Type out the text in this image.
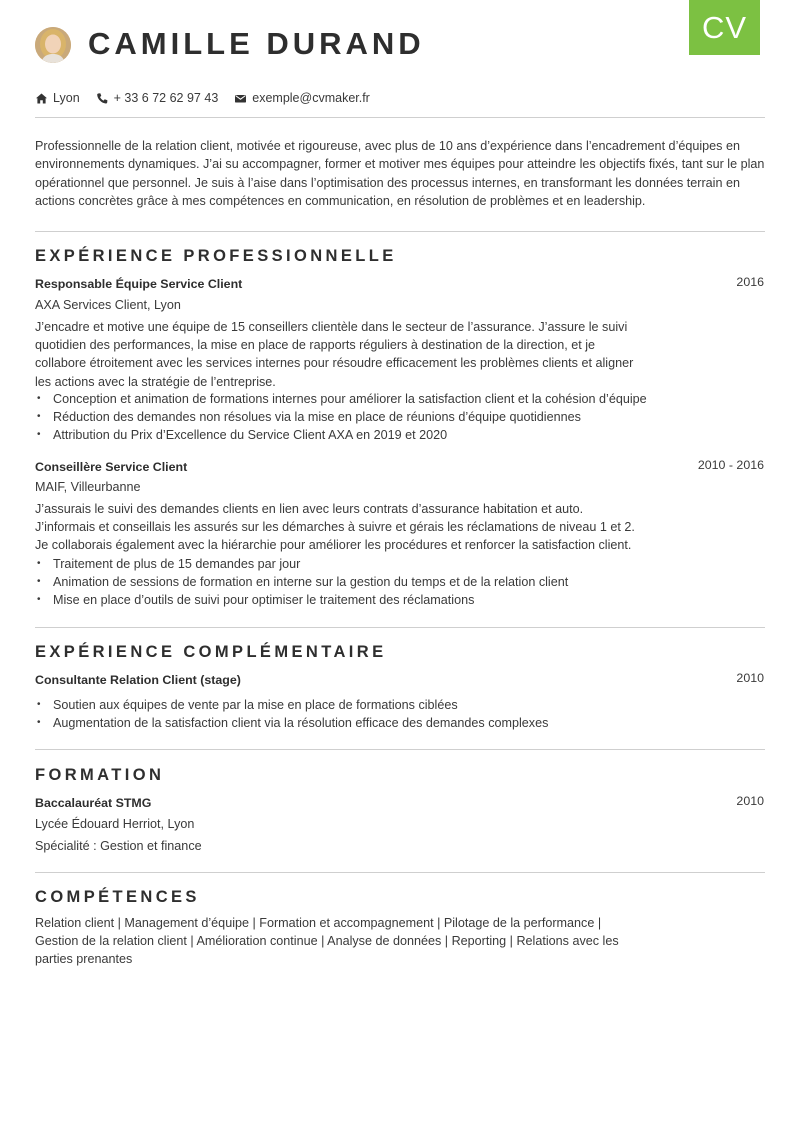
CAMILLE DURAND	CV
Lyon	+ 33 6 72 62 97 43	exemple@cvmaker.fr
Professionnelle de la relation client, motivée et rigoureuse, avec plus de 10 ans d’expérience dans l’encadrement d’équipes en environnements dynamiques. J’ai su accompagner, former et motiver mes équipes pour atteindre les objectifs fixés, tant sur le plan opérationnel que personnel. Je suis à l’aise dans l’optimisation des processus internes, en transformant les données terrain en actions concrètes grâce à mes compétences en communication, en résolution de problèmes et en leadership.
EXPÉRIENCE PROFESSIONNELLE
Responsable Équipe Service Client	2016
AXA Services Client, Lyon
J’encadre et motive une équipe de 15 conseillers clientèle dans le secteur de l’assurance. J’assure le suivi quotidien des performances, la mise en place de rapports réguliers à destination de la direction, et je collabore étroitement avec les services internes pour résoudre efficacement les problèmes clients et aligner les actions avec la stratégie de l’entreprise.
• Conception et animation de formations internes pour améliorer la satisfaction client et la cohésion d’équipe
• Réduction des demandes non résolues via la mise en place de réunions d’équipe quotidiennes
• Attribution du Prix d’Excellence du Service Client AXA en 2019 et 2020
Conseillère Service Client	2010 - 2016
MAIF, Villeurbanne
J’assurais le suivi des demandes clients en lien avec leurs contrats d’assurance habitation et auto. J’informais et conseillais les assurés sur les démarches à suivre et gérais les réclamations de niveau 1 et 2. Je collaborais également avec la hiérarchie pour améliorer les procédures et renforcer la satisfaction client.
• Traitement de plus de 15 demandes par jour
• Animation de sessions de formation en interne sur la gestion du temps et de la relation client
• Mise en place d’outils de suivi pour optimiser le traitement des réclamations
EXPÉRIENCE COMPLÉMENTAIRE
Consultante Relation Client (stage)	2010
• Soutien aux équipes de vente par la mise en place de formations ciblées
• Augmentation de la satisfaction client via la résolution efficace des demandes complexes
FORMATION
Baccalauréat STMG	2010
Lycée Édouard Herriot, Lyon
Spécialité : Gestion et finance
COMPÉTENCES
Relation client | Management d’équipe | Formation et accompagnement | Pilotage de la performance | Gestion de la relation client | Amélioration continue | Analyse de données | Reporting | Relations avec les parties prenantes
